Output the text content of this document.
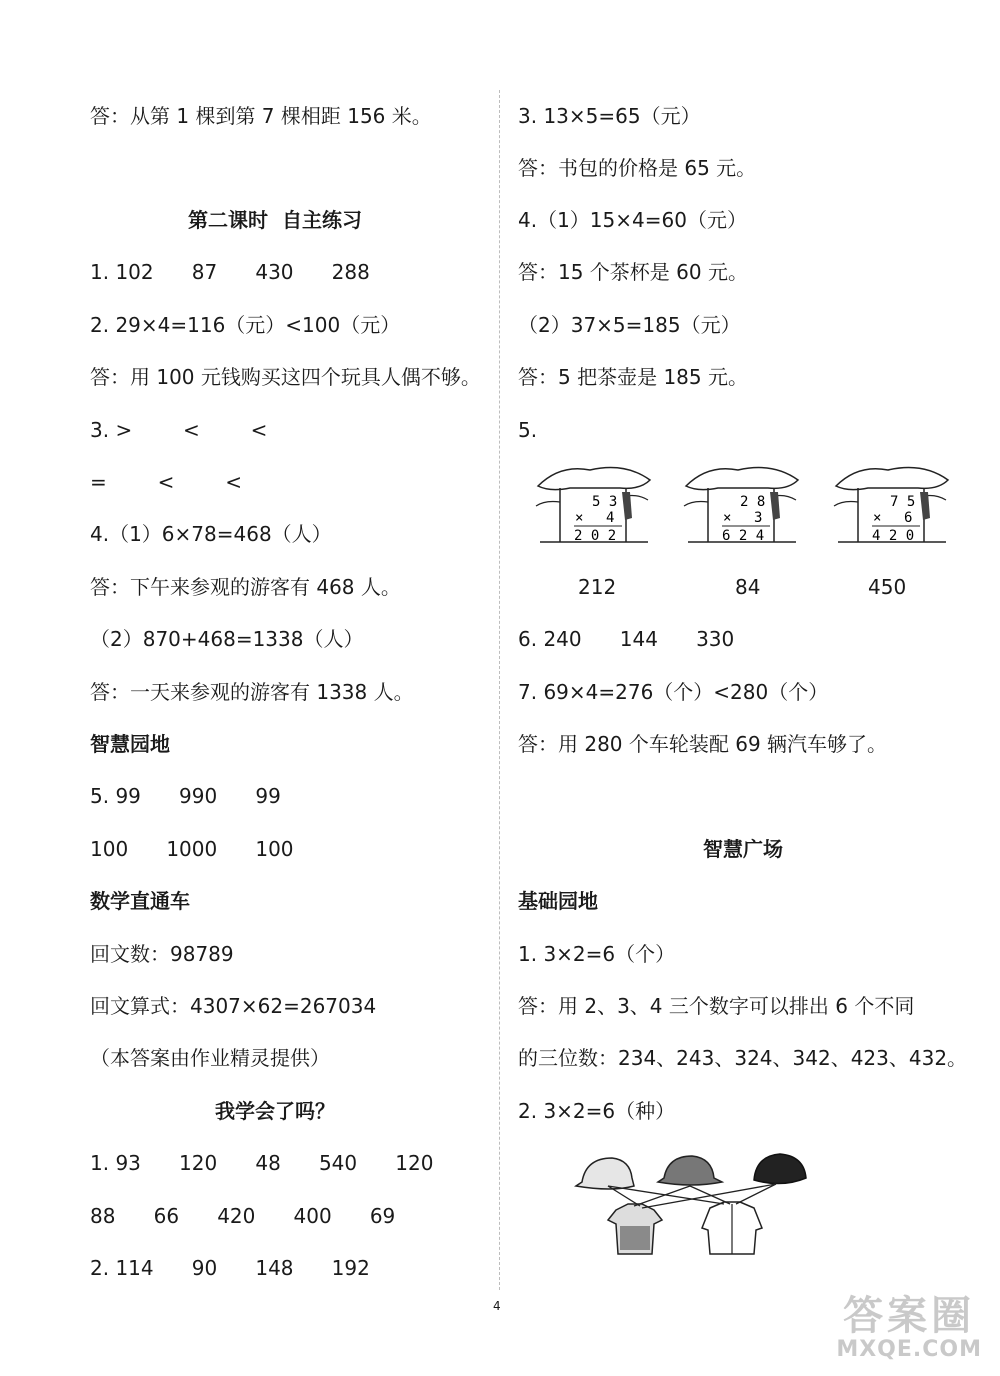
答：从第 1 棵到第 7 棵相距 156 米。
第二课时  自主练习
1. 102      87      430      288
2. 29×4=116（元）<100（元）
答：用 100 元钱购买这四个玩具人偶不够。
3. >        <        <
=        <        <
4.（1）6×78=468（人）
答：下午来参观的游客有 468 人。
（2）870+468=1338（人）
答：一天来参观的游客有 1338 人。
智慧园地
5. 99      990      99
100      1000      100
数学直通车
回文数：98789
回文算式：4307×62=267034
（本答案由作业精灵提供）
我学会了吗？
1. 93      120      48      540      120
88      66      420      400      69
2. 114      90      148      192
3. 13×5=65（元）
答：书包的价格是 65 元。
4.（1）15×4=60（元）
答：15 个茶杯是 60 元。
（2）37×5=185（元）
答：5 把茶壶是 185 元。
5.
5 3
× 4
2 0 2
2 8
× 3
6 2 4
7 5
× 6
4 2 0
212	84	450
6. 240      144      330
7. 69×4=276（个）<280（个）
答：用 280 个车轮装配 69 辆汽车够了。
智慧广场
基础园地
1. 3×2=6（个）
答：用 2、3、4 三个数字可以排出 6 个不同
的三位数：234、243、324、342、423、432。
2. 3×2=6（种）
4	答案圈
MXQE.COM
